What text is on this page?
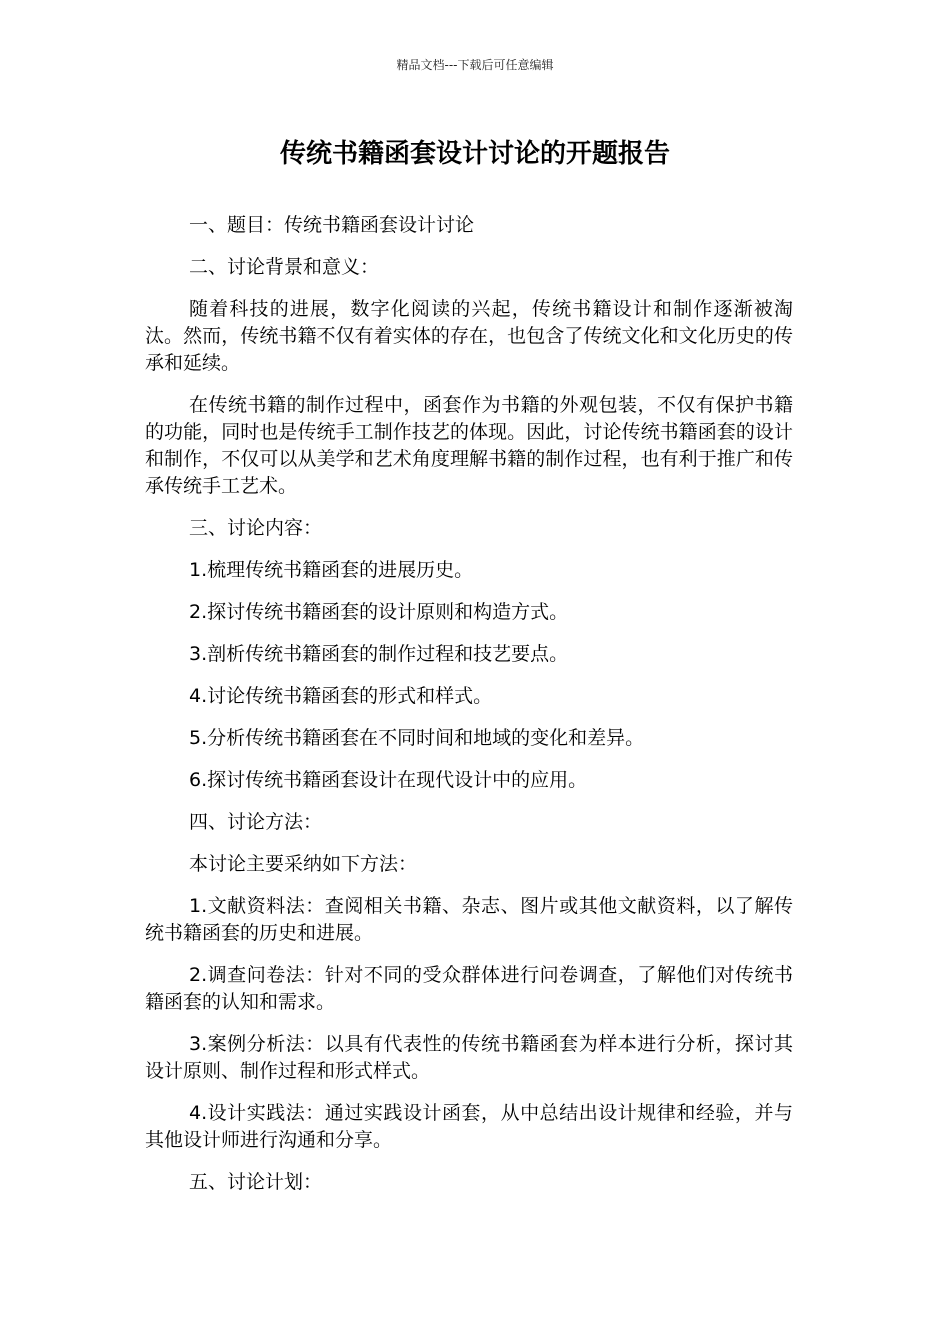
精品文档---下载后可任意编辑
传统书籍函套设计讨论的开题报告

一、题目：传统书籍函套设计讨论

二、讨论背景和意义：

随着科技的进展，数字化阅读的兴起，传统书籍设计和制作逐渐被淘汰。然而，传统书籍不仅有着实体的存在，也包含了传统文化和文化历史的传承和延续。

在传统书籍的制作过程中，函套作为书籍的外观包装，不仅有保护书籍的功能，同时也是传统手工制作技艺的体现。因此，讨论传统书籍函套的设计和制作，不仅可以从美学和艺术角度理解书籍的制作过程，也有利于推广和传承传统手工艺术。

三、讨论内容：

1.梳理传统书籍函套的进展历史。

2.探讨传统书籍函套的设计原则和构造方式。

3.剖析传统书籍函套的制作过程和技艺要点。

4.讨论传统书籍函套的形式和样式。

5.分析传统书籍函套在不同时间和地域的变化和差异。

6.探讨传统书籍函套设计在现代设计中的应用。

四、讨论方法：

本讨论主要采纳如下方法：

1.文献资料法：查阅相关书籍、杂志、图片或其他文献资料，以了解传统书籍函套的历史和进展。

2.调查问卷法：针对不同的受众群体进行问卷调查，了解他们对传统书籍函套的认知和需求。

3.案例分析法：以具有代表性的传统书籍函套为样本进行分析，探讨其设计原则、制作过程和形式样式。

4.设计实践法：通过实践设计函套，从中总结出设计规律和经验，并与其他设计师进行沟通和分享。

五、讨论计划：
